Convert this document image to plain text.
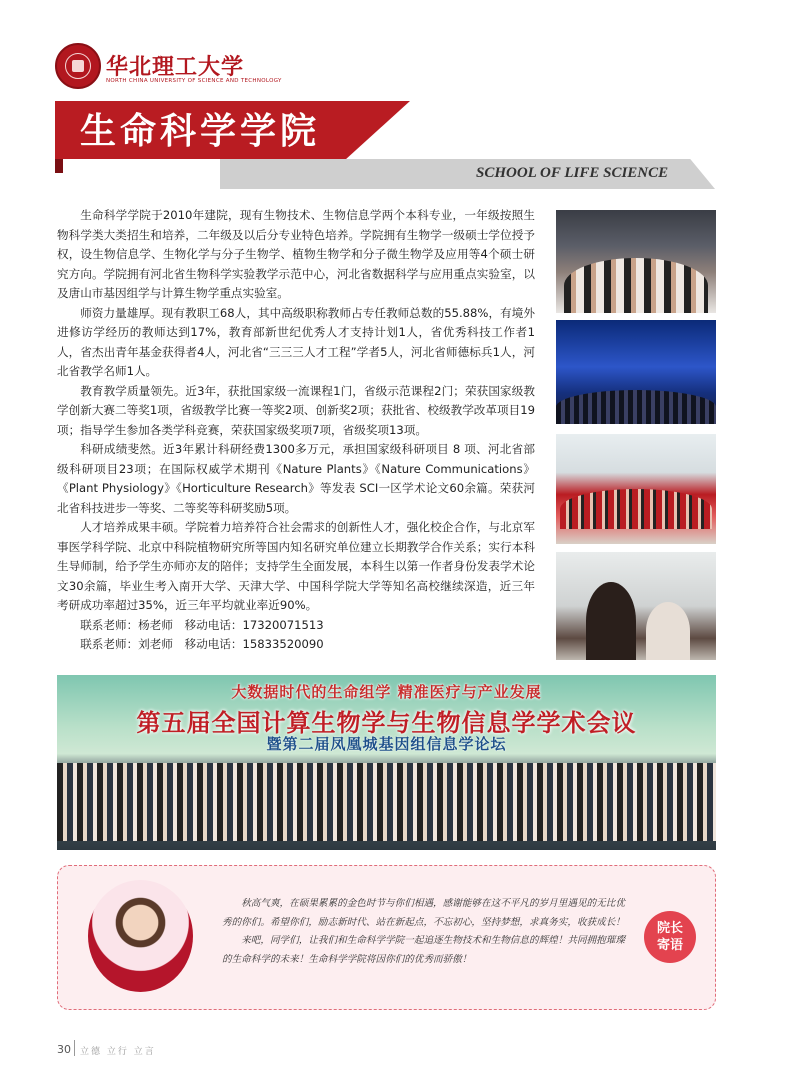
华北理工大学
NORTH CHINA UNIVERSITY OF SCIENCE AND TECHNOLOGY
生命科学学院
SCHOOL OF LIFE SCIENCE

生命科学学院于2010年建院，现有生物技术、生物信息学两个本科专业，一年级按照生物科学类大类招生和培养，二年级及以后分专业特色培养。学院拥有生物学一级硕士学位授予权，设生物信息学、生物化学与分子生物学、植物生物学和分子微生物学及应用等4个硕士研究方向。学院拥有河北省生物科学实验教学示范中心，河北省数据科学与应用重点实验室，以及唐山市基因组学与计算生物学重点实验室。

师资力量雄厚。现有教职工68人，其中高级职称教师占专任教师总数的55.88%，有境外进修访学经历的教师达到17%，教育部新世纪优秀人才支持计划1人，省优秀科技工作者1人，省杰出青年基金获得者4人，河北省“三三三人才工程”学者5人，河北省师德标兵1人，河北省教学名师1人。

教育教学质量领先。近3年，获批国家级一流课程1门，省级示范课程2门；荣获国家级教学创新大赛二等奖1项，省级教学比赛一等奖2项、创新奖2项；获批省、校级教学改革项目19项；指导学生参加各类学科竞赛，荣获国家级奖项7项，省级奖项13项。

科研成绩斐然。近3年累计科研经费1300多万元，承担国家级科研项目 8 项、河北省部级科研项目23项；在国际权威学术期刊《Nature Plants》《Nature Communications》《Plant Physiology》《Horticulture Research》等发表 SCI一区学术论文60余篇。荣获河北省科技进步一等奖、二等奖等科研奖励5项。

人才培养成果丰硕。学院着力培养符合社会需求的创新性人才，强化校企合作，与北京军事医学科学院、北京中科院植物研究所等国内知名研究单位建立长期教学合作关系；实行本科生导师制，给予学生亦师亦友的陪伴；支持学生全面发展，本科生以第一作者身份发表学术论文30余篇，毕业生考入南开大学、天津大学、中国科学院大学等知名高校继续深造，近三年考研成功率超过35%，近三年平均就业率近90%。

联系老师：杨老师　移动电话：17320071513

联系老师：刘老师　移动电话：15833520090

大数据时代的生命组学 精准医疗与产业发展
第五届全国计算生物学与生物信息学学术会议
暨第二届凤凰城基因组信息学论坛

秋高气爽，在硕果累累的金色时节与你们相遇，感谢能够在这不平凡的岁月里遇见的无比优秀的你们。希望你们，励志新时代、站在新起点，不忘初心，坚持梦想，求真务实，收获成长！

来吧，同学们，让我们和生命科学学院一起追逐生物技术和生物信息的辉煌！共同拥抱璀璨的生命科学的未来！生命科学学院将因你们的优秀而骄傲！

院长
寄语
30 立德 立行 立言
